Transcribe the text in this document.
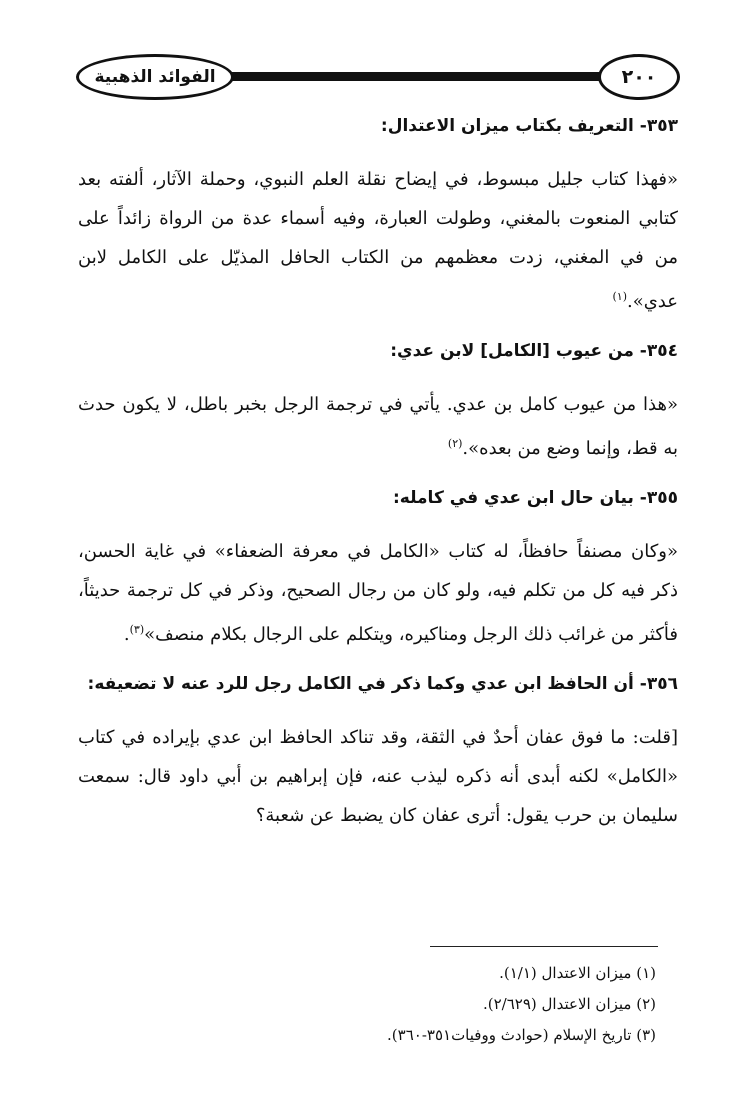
الفوائد الذهبية	٢٠٠
٣٥٣- التعريف بكتاب ميزان الاعتدال:

«فهذا كتاب جليل مبسوط، في إيضاح نقلة العلم النبوي، وحملة الآثار، ألفته بعد كتابي المنعوت بالمغني، وطولت العبارة، وفيه أسماء عدة من الرواة زائداً على من في المغني، زدت معظمهم من الكتاب الحافل المذيّل على الكامل لابن عدي».$^{(١)}$

٣٥٤- من عيوب [الكامل] لابن عدي:

«هذا من عيوب كامل بن عدي. يأتي في ترجمة الرجل بخبر باطل، لا يكون حدث به قط، وإنما وضع من بعده».$^{(٢)}$

٣٥٥- بيان حال ابن عدي في كامله:

«وكان مصنفاً حافظاً، له كتاب «الكامل في معرفة الضعفاء» في غاية الحسن، ذكر فيه كل من تكلم فيه، ولو كان من رجال الصحيح، وذكر في كل ترجمة حديثاً، فأكثر من غرائب ذلك الرجل ومناكيره، ويتكلم على الرجال بكلام منصف»$^{(٣)}$.

٣٥٦- أن الحافظ ابن عدي وكما ذكر في الكامل رجل للرد عنه لا تضعيفه:

[قلت: ما فوق عفان أحدٌ في الثقة، وقد تناكد الحافظ ابن عدي بإيراده في كتاب «الكامل» لكنه أبدى أنه ذكره ليذب عنه، فإن إبراهيم بن أبي داود قال: سمعت سليمان بن حرب يقول: أترى عفان كان يضبط عن شعبة؟

(١) ميزان الاعتدال (١/١).
(٢) ميزان الاعتدال (٢/٦٢٩).
(٣) تاريخ الإسلام (حوادث ووفيات٣٥١-٣٦٠).
